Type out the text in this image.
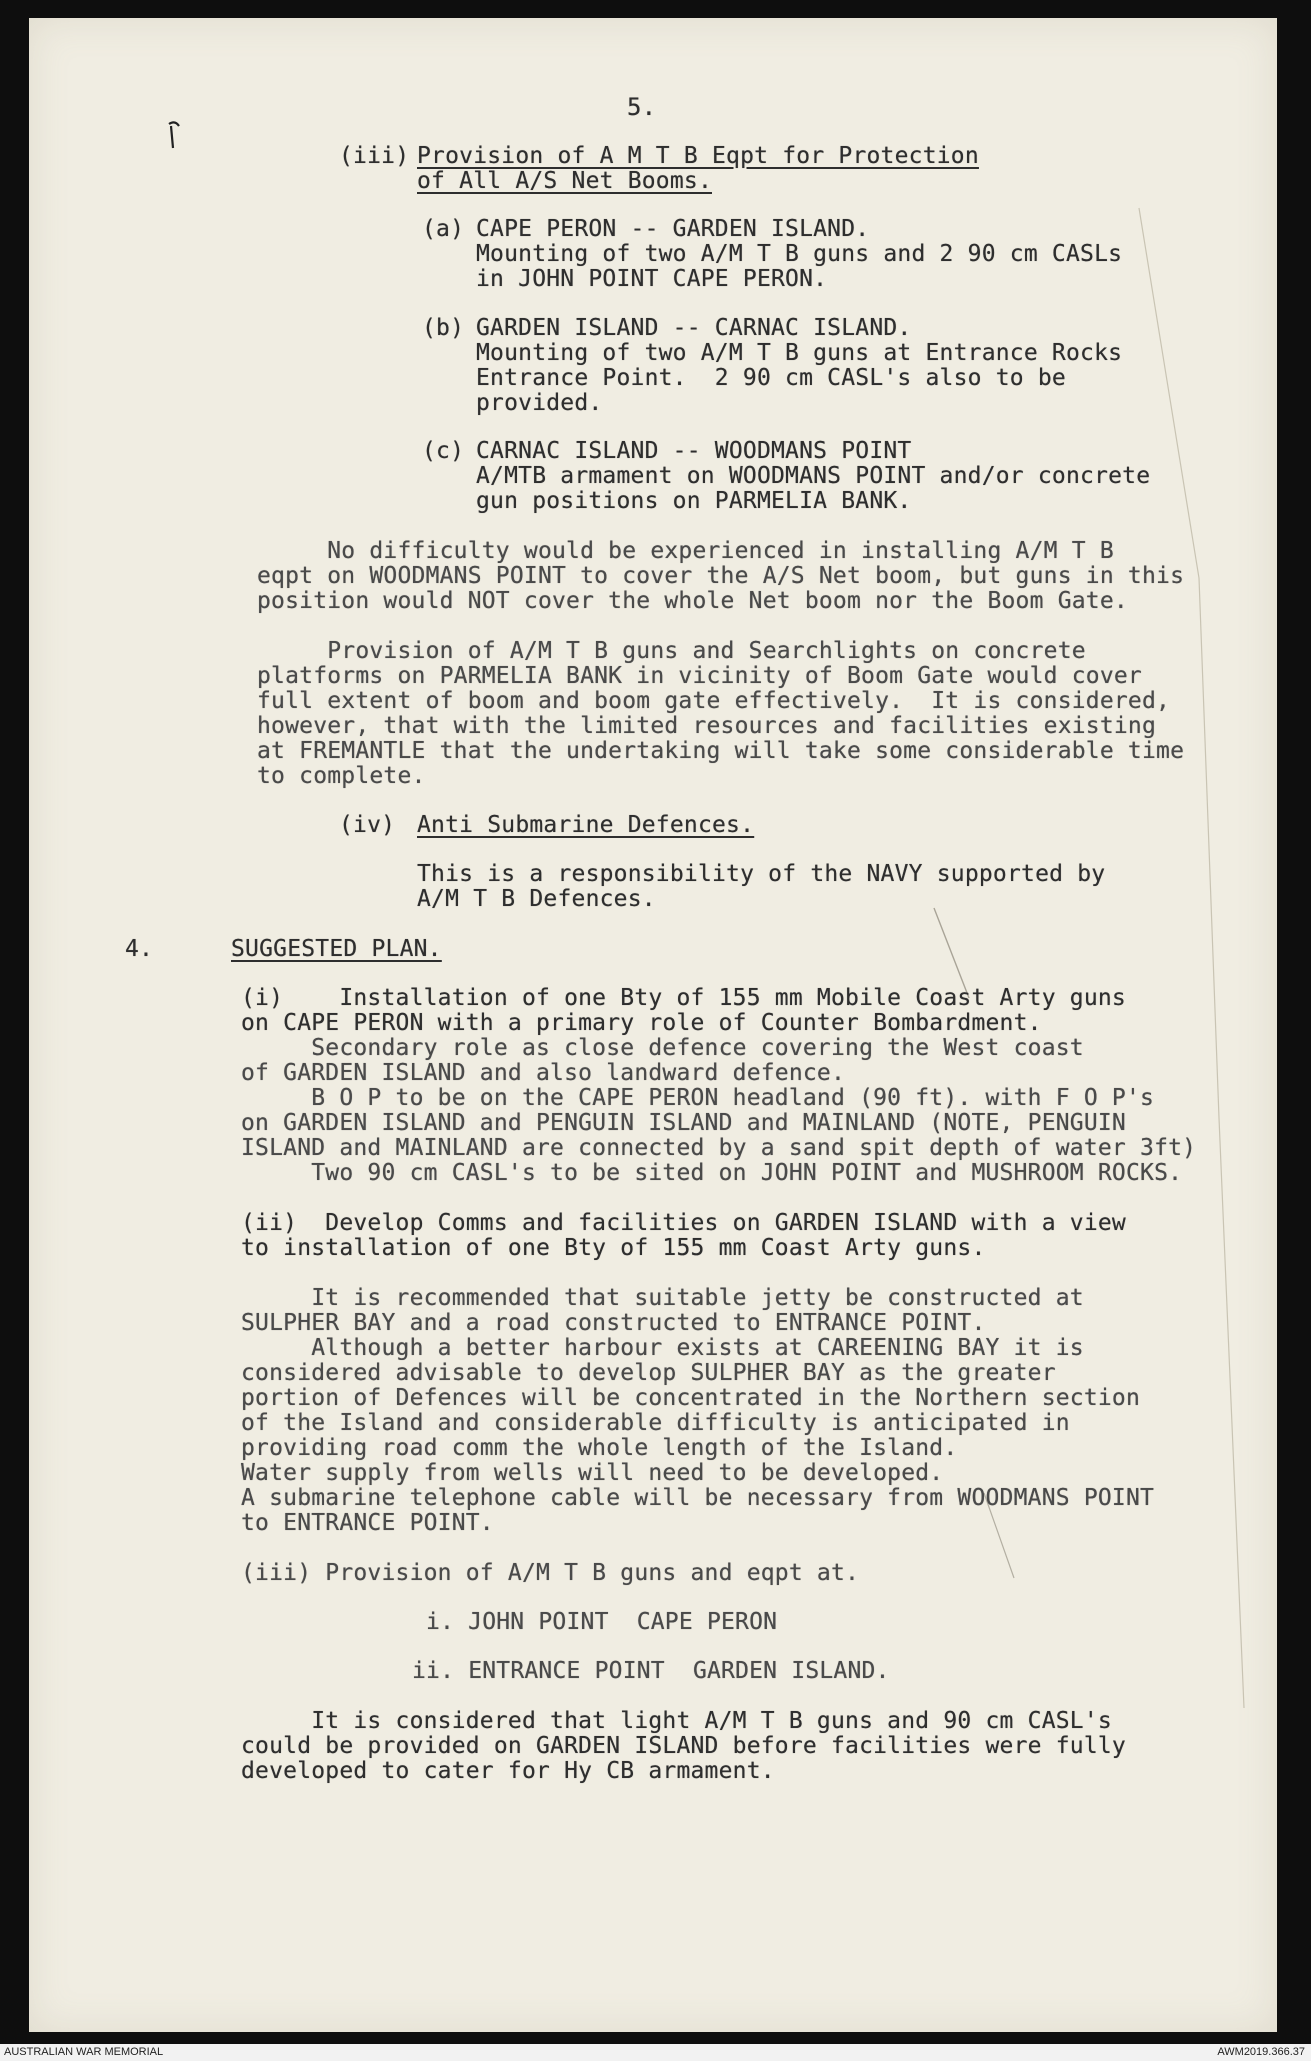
5.
(iii) Provision of A M T B Eqpt for Protection
of All A/S Net Booms.
(a) CAPE PERON -- GARDEN ISLAND.
Mounting of two A/M T B guns and 2 90 cm CASLs
in JOHN POINT CAPE PERON.
(b) GARDEN ISLAND -- CARNAC ISLAND.
Mounting of two A/M T B guns at Entrance Rocks
Entrance Point.  2 90 cm CASL's also to be
provided.
(c) CARNAC ISLAND -- WOODMANS POINT
A/MTB armament on WOODMANS POINT and/or concrete
gun positions on PARMELIA BANK.
No difficulty would be experienced in installing A/M T B
eqpt on WOODMANS POINT to cover the A/S Net boom, but guns in this
position would NOT cover the whole Net boom nor the Boom Gate.
Provision of A/M T B guns and Searchlights on concrete
platforms on PARMELIA BANK in vicinity of Boom Gate would cover
full extent of boom and boom gate effectively.  It is considered,
however, that with the limited resources and facilities existing
at FREMANTLE that the undertaking will take some considerable time
to complete.
(iv) Anti Submarine Defences.
This is a responsibility of the NAVY supported by
A/M T B Defences.
4.	SUGGESTED PLAN.
(i)    Installation of one Bty of 155 mm Mobile Coast Arty guns
on CAPE PERON with a primary role of Counter Bombardment.
Secondary role as close defence covering the West coast
of GARDEN ISLAND and also landward defence.
B O P to be on the CAPE PERON headland (90 ft). with F O P's
on GARDEN ISLAND and PENGUIN ISLAND and MAINLAND (NOTE, PENGUIN
ISLAND and MAINLAND are connected by a sand spit depth of water 3ft)
Two 90 cm CASL's to be sited on JOHN POINT and MUSHROOM ROCKS.
(ii)  Develop Comms and facilities on GARDEN ISLAND with a view
to installation of one Bty of 155 mm Coast Arty guns.
It is recommended that suitable jetty be constructed at
SULPHER BAY and a road constructed to ENTRANCE POINT.
Although a better harbour exists at CAREENING BAY it is
considered advisable to develop SULPHER BAY as the greater
portion of Defences will be concentrated in the Northern section
of the Island and considerable difficulty is anticipated in
providing road comm the whole length of the Island.
Water supply from wells will need to be developed.
A submarine telephone cable will be necessary from WOODMANS POINT
to ENTRANCE POINT.
(iii) Provision of A/M T B guns and eqpt at.
i. JOHN POINT  CAPE PERON
ii. ENTRANCE POINT  GARDEN ISLAND.
It is considered that light A/M T B guns and 90 cm CASL's
could be provided on GARDEN ISLAND before facilities were fully
developed to cater for Hy CB armament.
AUSTRALIAN WAR MEMORIAL	AWM2019.366.37
